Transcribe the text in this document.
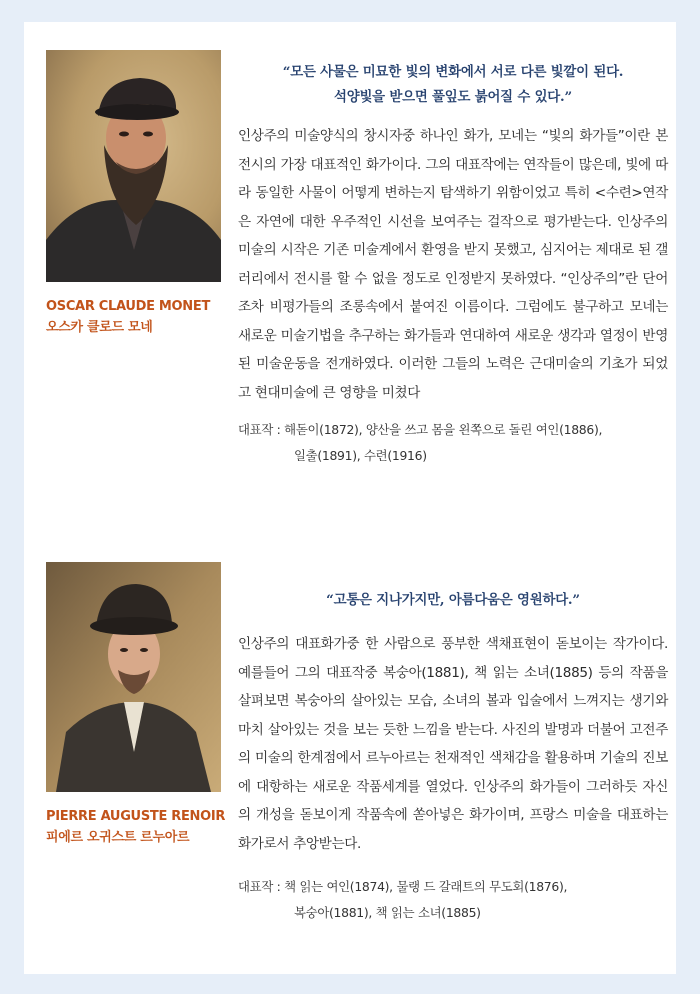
OSCAR CLAUDE MONET
오스카 클로드 모네

“모든 사물은 미묘한 빛의 변화에서 서로 다른 빛깔이 된다.
석양빛을 받으면 풀잎도 붉어질 수 있다.”

인상주의 미술양식의 창시자중 하나인 화가, 모네는 “빛의 화가들”이란 본 전시의 가장 대표적인 화가이다. 그의 대표작에는 연작들이 많은데, 빛에 따라 동일한 사물이 어떻게 변하는지 탐색하기 위함이었고 특히 <수련>연작은 자연에 대한 우주적인 시선을 보여주는 걸작으로 평가받는다. 인상주의 미술의 시작은 기존 미술계에서 환영을 받지 못했고, 심지어는 제대로 된 갤러리에서 전시를 할 수 없을 정도로 인정받지 못하였다. “인상주의”란 단어조차 비평가들의 조롱속에서 붙여진 이름이다. 그럼에도 불구하고 모네는 새로운 미술기법을 추구하는 화가들과 연대하여 새로운 생각과 열정이 반영된 미술운동을 전개하였다. 이러한 그들의 노력은 근대미술의 기초가 되었고 현대미술에 큰 영향을 미쳤다

대표작 : 해돋이(1872), 양산을 쓰고 몸을 왼쪽으로 돌린 여인(1886),
일출(1891), 수련(1916)
PIERRE AUGUSTE RENOIR
피에르 오귀스트 르누아르

“고통은 지나가지만, 아름다움은 영원하다.”

인상주의 대표화가중 한 사람으로 풍부한 색채표현이 돋보이는 작가이다. 예를들어 그의 대표작중 복숭아(1881), 책 읽는 소녀(1885) 등의 작품을 살펴보면 복숭아의 살아있는 모습, 소녀의 볼과 입술에서 느껴지는 생기와 마치 살아있는 것을 보는 듯한 느낌을 받는다. 사진의 발명과 더불어 고전주의 미술의 한계점에서 르누아르는 천재적인 색채감을 활용하며 기술의 진보에 대항하는 새로운 작품세계를 열었다. 인상주의 화가들이 그러하듯 자신의 개성을 돋보이게 작품속에 쏟아넣은 화가이며, 프랑스 미술을 대표하는 화가로서 추앙받는다.

대표작 : 책 읽는 여인(1874), 물랭 드 갈래트의 무도회(1876),
복숭아(1881), 책 읽는 소녀(1885)
